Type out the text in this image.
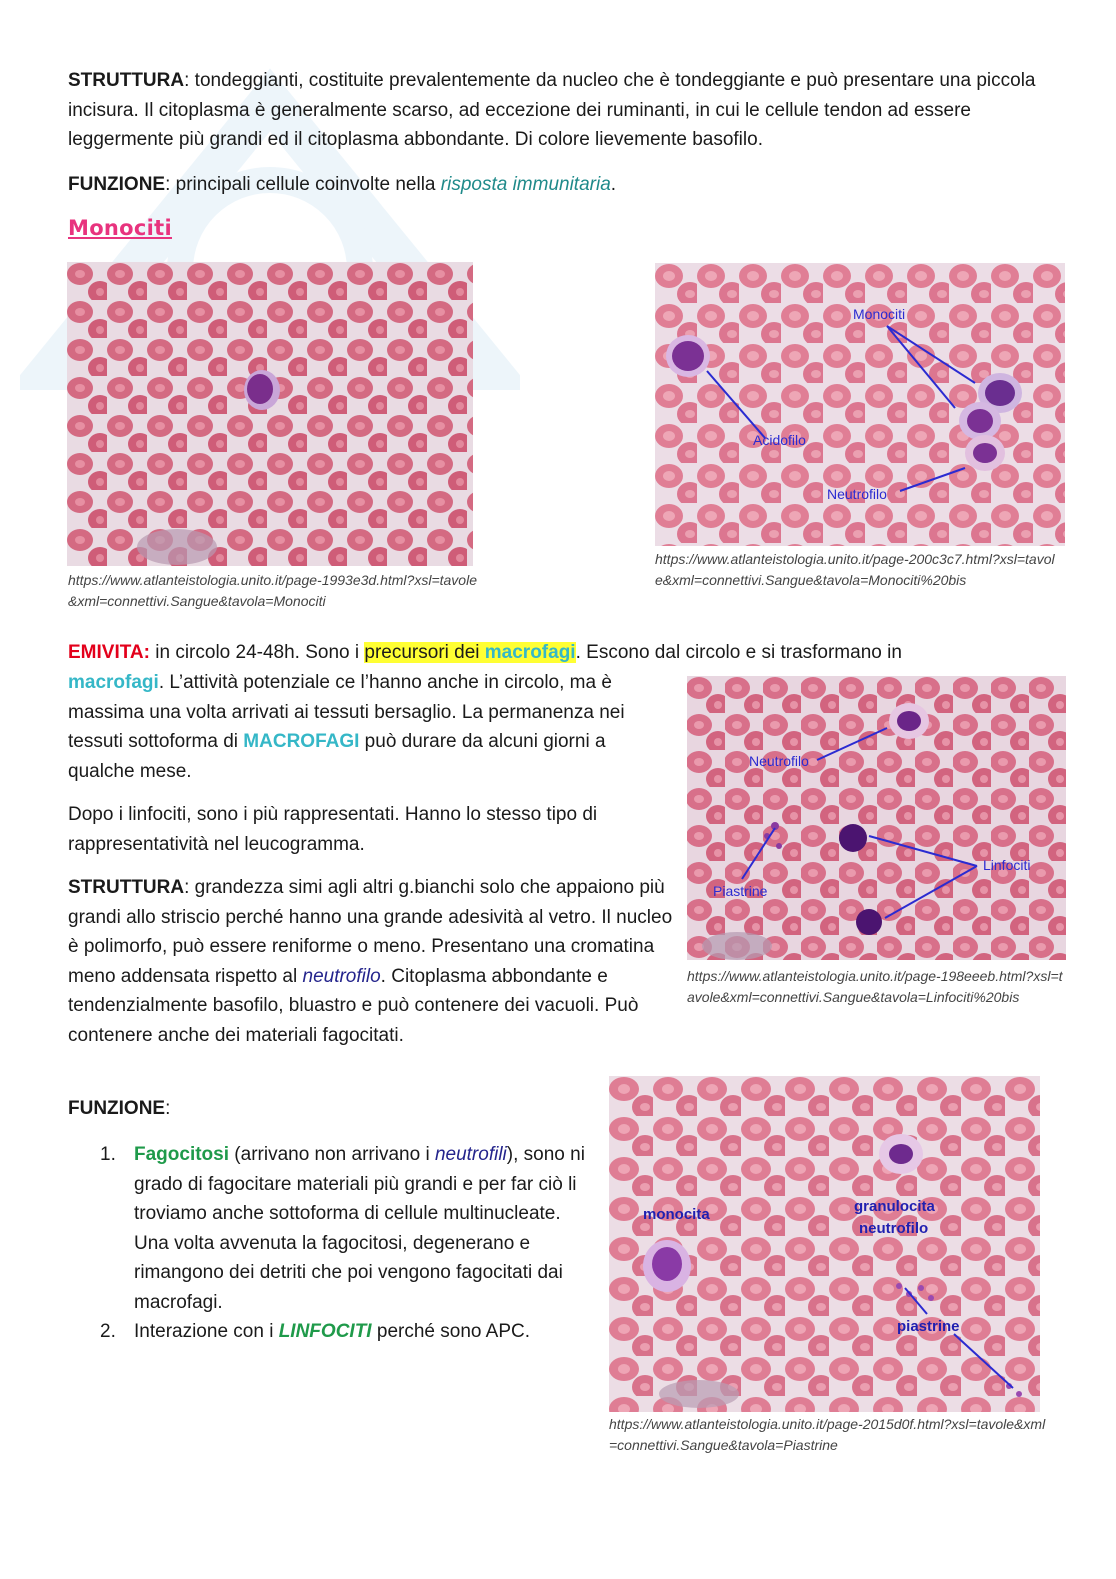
STRUTTURA: tondeggianti, costituite prevalentemente da nucleo che è tondeggiante e può presentare una piccola incisura. Il citoplasma è generalmente scarso, ad eccezione dei ruminanti, in cui le cellule tendon ad essere leggermente più grandi ed il citoplasma abbondante. Di colore lievemente basofilo.

FUNZIONE: principali cellule coinvolte nella risposta immunitaria.

Monociti

https://www.atlanteistologia.unito.it/page-1993e3d.html?xsl=tavole&xml=connettivi.Sangue&tavola=Monociti

Monociti
Acidofilo
Neutrofilo

https://www.atlanteistologia.unito.it/page-200c3c7.html?xsl=tavole&xml=connettivi.Sangue&tavola=Monociti%20bis

EMIVITA: in circolo 24-48h. Sono i precursori dei macrofagi. Escono dal circolo e si trasformano in

macrofagi. L’attività potenziale ce l’hanno anche in circolo, ma è massima una volta arrivati ai tessuti bersaglio. La permanenza nei tessuti sottoforma di MACROFAGI può durare da alcuni giorni a qualche mese.	Neutrofilo
Linfociti
Piastrine

https://www.atlanteistologia.unito.it/page-198eeeb.html?xsl=tavole&xml=connettivi.Sangue&tavola=Linfociti%20bis

Dopo i linfociti, sono i più rappresentati. Hanno lo stesso tipo di rappresentatività nel leucogramma.

STRUTTURA: grandezza simi agli altri g.bianchi solo che appaiono più grandi allo striscio perché hanno una grande adesività al vetro. Il nucleo è polimorfo, può essere reniforme o meno. Presentano una cromatina meno addensata rispetto al neutrofilo. Citoplasma abbondante e tendenzialmente basofilo, bluastro e può contenere dei vacuoli. Può contenere anche dei materiali fagocitati.

FUNZIONE:

1. Fagocitosi (arrivano non arrivano i neutrofili), sono ni grado di fagocitare materiali più grandi e per far ciò li troviamo anche sottoforma di cellule multinucleate. Una volta avvenuta la fagocitosi, degenerano e rimangono dei detriti che poi vengono fagocitati dai macrofagi.
2. Interazione con i LINFOCITI perché sono APC.
monocita	granulocita
neutrofilo
piastrine

https://www.atlanteistologia.unito.it/page-2015d0f.html?xsl=tavole&xml=connettivi.Sangue&tavola=Piastrine
